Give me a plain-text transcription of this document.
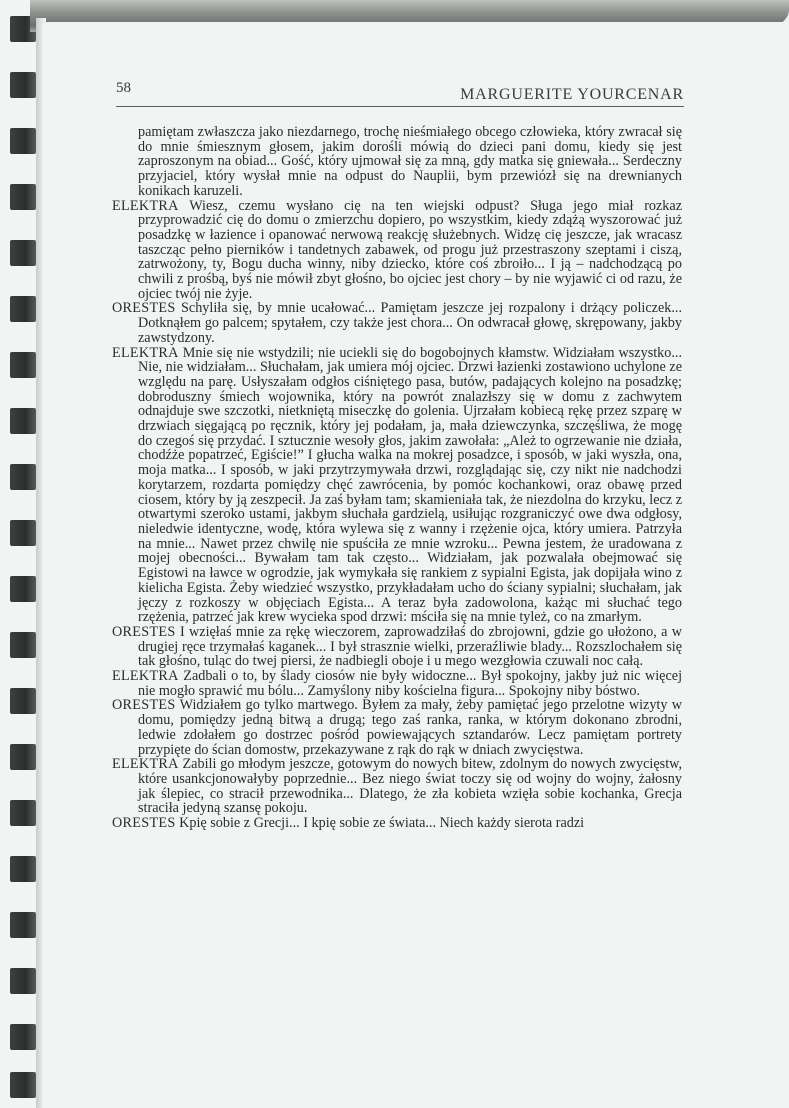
58	MARGUERITE YOURCENAR

pamiętam zwłaszcza jako niezdarnego, trochę nieśmiałego obcego człowieka, który zwracał się do mnie śmiesznym głosem, jakim dorośli mówią do dzieci pani domu, kiedy się jest zaproszonym na obiad... Gość, który ujmował się za mną, gdy matka się gniewała... Serdeczny przyjaciel, który wysłał mnie na odpust do Nauplii, bym przewiózł się na drewnianych konikach karuzeli.

ELEKTRA Wiesz, czemu wysłano cię na ten wiejski odpust? Sługa jego miał rozkaz przyprowadzić cię do domu o zmierzchu dopiero, po wszystkim, kiedy zdążą wyszorować już posadzkę w łazience i opanować nerwową reakcję służebnych. Widzę cię jeszcze, jak wracasz taszcząc pełno pierników i tandetnych zabawek, od progu już przestraszony szeptami i ciszą, zatrwożony, ty, Bogu ducha winny, niby dziecko, które coś zbroiło... I ją – nadchodzącą po chwili z prośbą, byś nie mówił zbyt głośno, bo ojciec jest chory – by nie wyjawić ci od razu, że ojciec twój nie żyje.

ORESTES Schyliła się, by mnie ucałować... Pamiętam jeszcze jej rozpalony i drżący policzek... Dotknąłem go palcem; spytałem, czy także jest chora... On odwracał głowę, skrępowany, jakby zawstydzony.

ELEKTRA Mnie się nie wstydzili; nie uciekli się do bogobojnych kłamstw. Widziałam wszystko... Nie, nie widziałam... Słuchałam, jak umiera mój ojciec. Drzwi łazienki zostawiono uchylone ze względu na parę. Usłyszałam odgłos ciśniętego pasa, butów, padających kolejno na posadzkę; dobroduszny śmiech wojownika, który na powrót znalazłszy się w domu z zachwytem odnajduje swe szczotki, nietkniętą miseczkę do golenia. Ujrzałam kobiecą rękę przez szparę w drzwiach sięgającą po ręcznik, który jej podałam, ja, mała dziewczynka, szczęśliwa, że mogę do czegoś się przydać. I sztucznie wesoły głos, jakim zawołała: „Ależ to ogrzewanie nie działa, chodźże popatrzeć, Egiście!” I głucha walka na mokrej posadzce, i sposób, w jaki wyszła, ona, moja matka... I sposób, w jaki przytrzymywała drzwi, rozglądając się, czy nikt nie nadchodzi korytarzem, rozdarta pomiędzy chęć zawrócenia, by pomóc kochankowi, oraz obawę przed ciosem, który by ją zeszpecił. Ja zaś byłam tam; skamieniała tak, że niezdolna do krzyku, lecz z otwartymi szeroko ustami, jakbym słuchała gardzielą, usiłując rozgraniczyć owe dwa odgłosy, nieledwie identyczne, wodę, która wylewa się z wanny i rzężenie ojca, który umiera. Patrzyła na mnie... Nawet przez chwilę nie spuściła ze mnie wzroku... Pewna jestem, że uradowana z mojej obecności... Bywałam tam tak często... Widziałam, jak pozwalała obejmować się Egistowi na ławce w ogrodzie, jak wymykała się rankiem z sypialni Egista, jak dopijała wino z kielicha Egista. Żeby wiedzieć wszystko, przykładałam ucho do ściany sypialni; słuchałam, jak jęczy z rozkoszy w objęciach Egista... A teraz była zadowolona, każąc mi słuchać tego rzężenia, patrzeć jak krew wycieka spod drzwi: mściła się na mnie tyleż, co na zmarłym.

ORESTES I wzięłaś mnie za rękę wieczorem, zaprowadziłaś do zbrojowni, gdzie go ułożono, a w drugiej ręce trzymałaś kaganek... I był strasznie wielki, przeraźliwie blady... Rozszlochałem się tak głośno, tuląc do twej piersi, że nadbiegli oboje i u mego wezgłowia czuwali noc całą.

ELEKTRA Zadbali o to, by ślady ciosów nie były widoczne... Był spokojny, jakby już nic więcej nie mogło sprawić mu bólu... Zamyślony niby kościelna figura... Spokojny niby bóstwo.

ORESTES Widziałem go tylko martwego. Byłem za mały, żeby pamiętać jego przelotne wizyty w domu, pomiędzy jedną bitwą a drugą; tego zaś ranka, ranka, w którym dokonano zbrodni, ledwie zdołałem go dostrzec pośród powiewających sztandarów. Lecz pamiętam portrety przypięte do ścian domostw, przekazywane z rąk do rąk w dniach zwycięstwa.

ELEKTRA Zabili go młodym jeszcze, gotowym do nowych bitew, zdolnym do nowych zwycięstw, które usankcjonowałyby poprzednie... Bez niego świat toczy się od wojny do wojny, żałosny jak ślepiec, co stracił przewodnika... Dlatego, że zła kobieta wzięła sobie kochanka, Grecja straciła jedyną szansę pokoju.

ORESTES Kpię sobie z Grecji... I kpię sobie ze świata... Niech każdy sierota radzi
